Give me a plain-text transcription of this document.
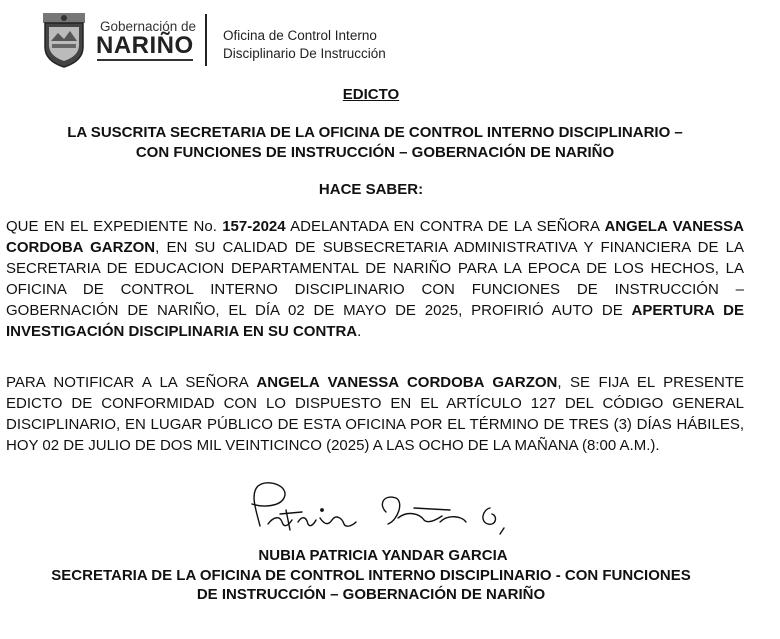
Gobernación de
NARIÑO Oficina de Control Interno
Disciplinario De Instrucción
EDICTO
LA SUSCRITA SECRETARIA DE LA OFICINA DE CONTROL INTERNO DISCIPLINARIO –
CON FUNCIONES DE INSTRUCCIÓN – GOBERNACIÓN DE NARIÑO
HACE SABER:

QUE EN EL EXPEDIENTE No. 157-2024 ADELANTADA EN CONTRA DE LA SEÑORA ANGELA VANESSA CORDOBA GARZON, EN SU CALIDAD DE SUBSECRETARIA ADMINISTRATIVA Y FINANCIERA DE LA SECRETARIA DE EDUCACION DEPARTAMENTAL DE NARIÑO PARA LA EPOCA DE LOS HECHOS, LA OFICINA DE CONTROL INTERNO DISCIPLINARIO CON FUNCIONES DE INSTRUCCIÓN – GOBERNACIÓN DE NARIÑO, EL DÍA 02 DE MAYO DE 2025, PROFIRIÓ AUTO DE APERTURA DE INVESTIGACIÓN DISCIPLINARIA EN SU CONTRA.

PARA NOTIFICAR A LA SEÑORA ANGELA VANESSA CORDOBA GARZON, SE FIJA EL PRESENTE EDICTO DE CONFORMIDAD CON LO DISPUESTO EN EL ARTÍCULO 127 DEL CÓDIGO GENERAL DISCIPLINARIO, EN LUGAR PÚBLICO DE ESTA OFICINA POR EL TÉRMINO DE TRES (3) DÍAS HÁBILES, HOY 02 DE JULIO DE DOS MIL VEINTICINCO (2025) A LAS OCHO DE LA MAÑANA (8:00 A.M.).

NUBIA PATRICIA YANDAR GARCIA
SECRETARIA DE LA OFICINA DE CONTROL INTERNO DISCIPLINARIO - CON FUNCIONES
DE INSTRUCCIÓN – GOBERNACIÓN DE NARIÑO
